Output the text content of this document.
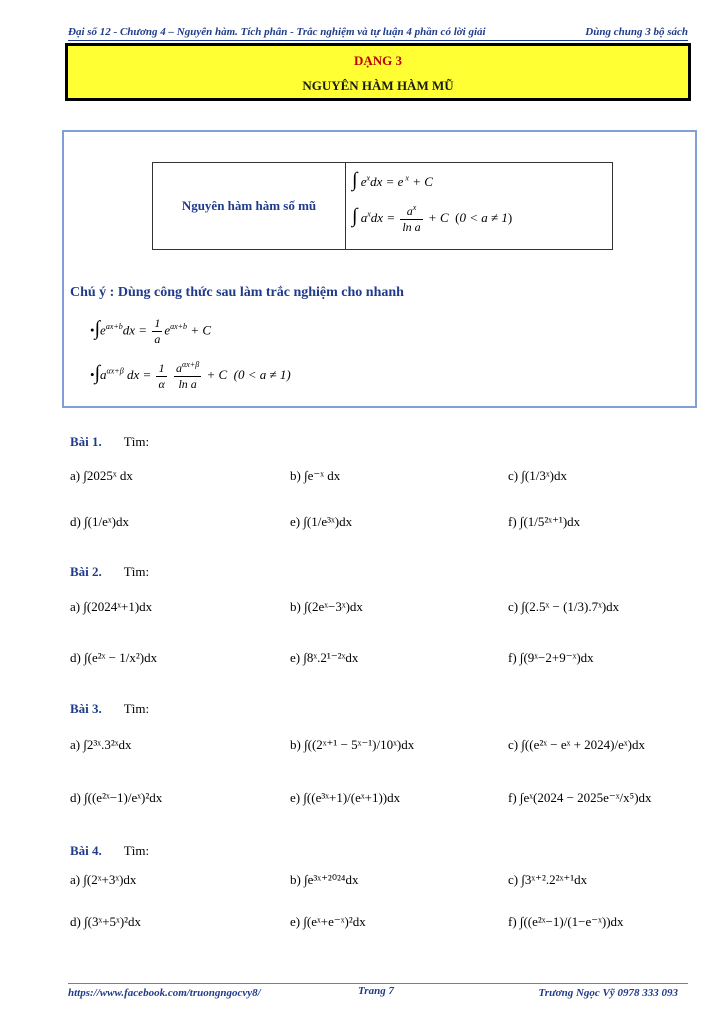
Đại số 12 - Chương 4 – Nguyên hàm. Tích phân - Trắc nghiệm và tự luận 4 phần có lời giải	Dùng chung 3 bộ sách
DẠNG 3
NGUYÊN HÀM HÀM MŨ
Nguyên hàm hàm số mũ
∫ $e^xdx = e$ $^x$ + C
∫ $a^xdx = \frac{a^x}{\text{ln a}} + C$  (0 < a ≠ 1)
Chú ý : Dùng công thức sau làm trắc nghiệm cho nhanh
$•\int e^{ax+b}dx = \frac{1}{a} e^{ax+b} + C$
$•\int a^{\alpha x+\beta}$ dx = $\frac{1}{\alpha}$
$\frac{a^{\alpha x+\beta}}{\text{ln a}} + C$  (0 < a ≠ 1)
Bài 1. Tìm:
a) ∫2025ˣ dx	b) ∫e⁻ˣ dx	c) ∫(1/3ˣ)dx
d) ∫(1/eˣ)dx	e) ∫(1/e³ˣ)dx	f) ∫(1/5²ˣ⁺¹)dx
Bài 2. Tìm:
a) ∫(2024ˣ+1)dx	b) ∫(2eˣ−3ˣ)dx	c) ∫(2.5ˣ − (1/3).7ˣ)dx
d) ∫(e²ˣ − 1/x²)dx	e) ∫8ˣ.2¹⁻²ˣdx	f) ∫(9ˣ−2+9⁻ˣ)dx
Bài 3. Tìm:
a) ∫2³ˣ.3²ˣdx	b) ∫((2ˣ⁺¹ − 5ˣ⁻¹)/10ˣ)dx	c) ∫((e²ˣ − eˣ + 2024)/eˣ)dx
d) ∫((e²ˣ−1)/eˣ)²dx	e) ∫((e³ˣ+1)/(eˣ+1))dx	f) ∫eˣ(2024 − 2025e⁻ˣ/x⁵)dx
Bài 4. Tìm:
a) ∫(2ˣ+3ˣ)dx	b) ∫e³ˣ⁺²⁰²⁴dx	c) ∫3ˣ⁺².2²ˣ⁺¹dx
d) ∫(3ˣ+5ˣ)²dx	e) ∫(eˣ+e⁻ˣ)²dx	f) ∫((e²ˣ−1)/(1−e⁻ˣ))dx
https://www.facebook.com/truongngocvy8/	Trang 7	Trương Ngọc Vỹ 0978 333 093
